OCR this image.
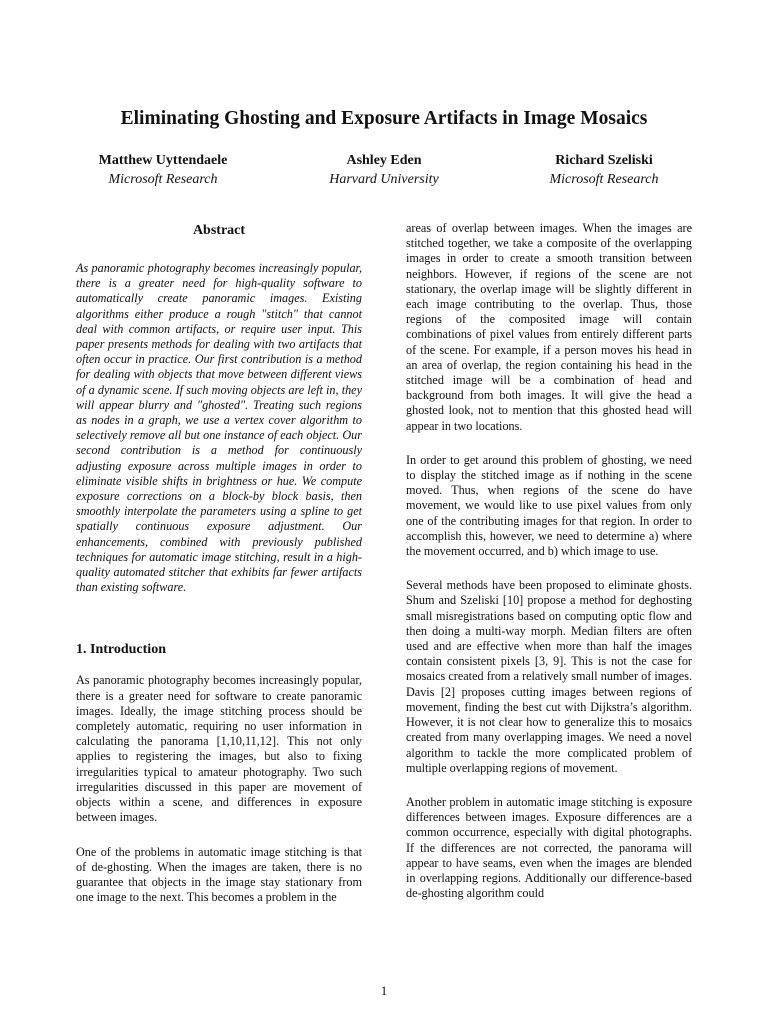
Eliminating Ghosting and Exposure Artifacts in Image Mosaics
Matthew Uyttendaele
Microsoft Research
Ashley Eden
Harvard University
Richard Szeliski
Microsoft Research
Abstract

As panoramic photography becomes increasingly popular, there is a greater need for high-quality software to automatically create panoramic images. Existing algorithms either produce a rough "stitch" that cannot deal with common artifacts, or require user input. This paper presents methods for dealing with two artifacts that often occur in practice. Our first contribution is a method for dealing with objects that move between different views of a dynamic scene. If such moving objects are left in, they will appear blurry and "ghosted". Treating such regions as nodes in a graph, we use a vertex cover algorithm to selectively remove all but one instance of each object. Our second contribution is a method for continuously adjusting exposure across multiple images in order to eliminate visible shifts in brightness or hue. We compute exposure corrections on a block-by block basis, then smoothly interpolate the parameters using a spline to get spatially continuous exposure adjustment. Our enhancements, combined with previously published techniques for automatic image stitching, result in a high-quality automated stitcher that exhibits far fewer artifacts than existing software.

1. Introduction

As panoramic photography becomes increasingly popular, there is a greater need for software to create panoramic images. Ideally, the image stitching process should be completely automatic, requiring no user information in calculating the panorama [1,10,11,12]. This not only applies to registering the images, but also to fixing irregularities typical to amateur photography. Two such irregularities discussed in this paper are movement of objects within a scene, and differences in exposure between images.

One of the problems in automatic image stitching is that of de-ghosting. When the images are taken, there is no guarantee that objects in the image stay stationary from one image to the next. This becomes a problem in the

areas of overlap between images. When the images are stitched together, we take a composite of the overlapping images in order to create a smooth transition between neighbors. However, if regions of the scene are not stationary, the overlap image will be slightly different in each image contributing to the overlap. Thus, those regions of the composited image will contain combinations of pixel values from entirely different parts of the scene. For example, if a person moves his head in an area of overlap, the region containing his head in the stitched image will be a combination of head and background from both images. It will give the head a ghosted look, not to mention that this ghosted head will appear in two locations.

In order to get around this problem of ghosting, we need to display the stitched image as if nothing in the scene moved. Thus, when regions of the scene do have movement, we would like to use pixel values from only one of the contributing images for that region. In order to accomplish this, however, we need to determine a) where the movement occurred, and b) which image to use.

Several methods have been proposed to eliminate ghosts. Shum and Szeliski [10] propose a method for deghosting small misregistrations based on computing optic flow and then doing a multi-way morph. Median filters are often used and are effective when more than half the images contain consistent pixels [3, 9]. This is not the case for mosaics created from a relatively small number of images. Davis [2] proposes cutting images between regions of movement, finding the best cut with Dijkstra’s algorithm. However, it is not clear how to generalize this to mosaics created from many overlapping images. We need a novel algorithm to tackle the more complicated problem of multiple overlapping regions of movement.

Another problem in automatic image stitching is exposure differences between images. Exposure differences are a common occurrence, especially with digital photographs. If the differences are not corrected, the panorama will appear to have seams, even when the images are blended in overlapping regions. Additionally our difference-based de-ghosting algorithm could

1
